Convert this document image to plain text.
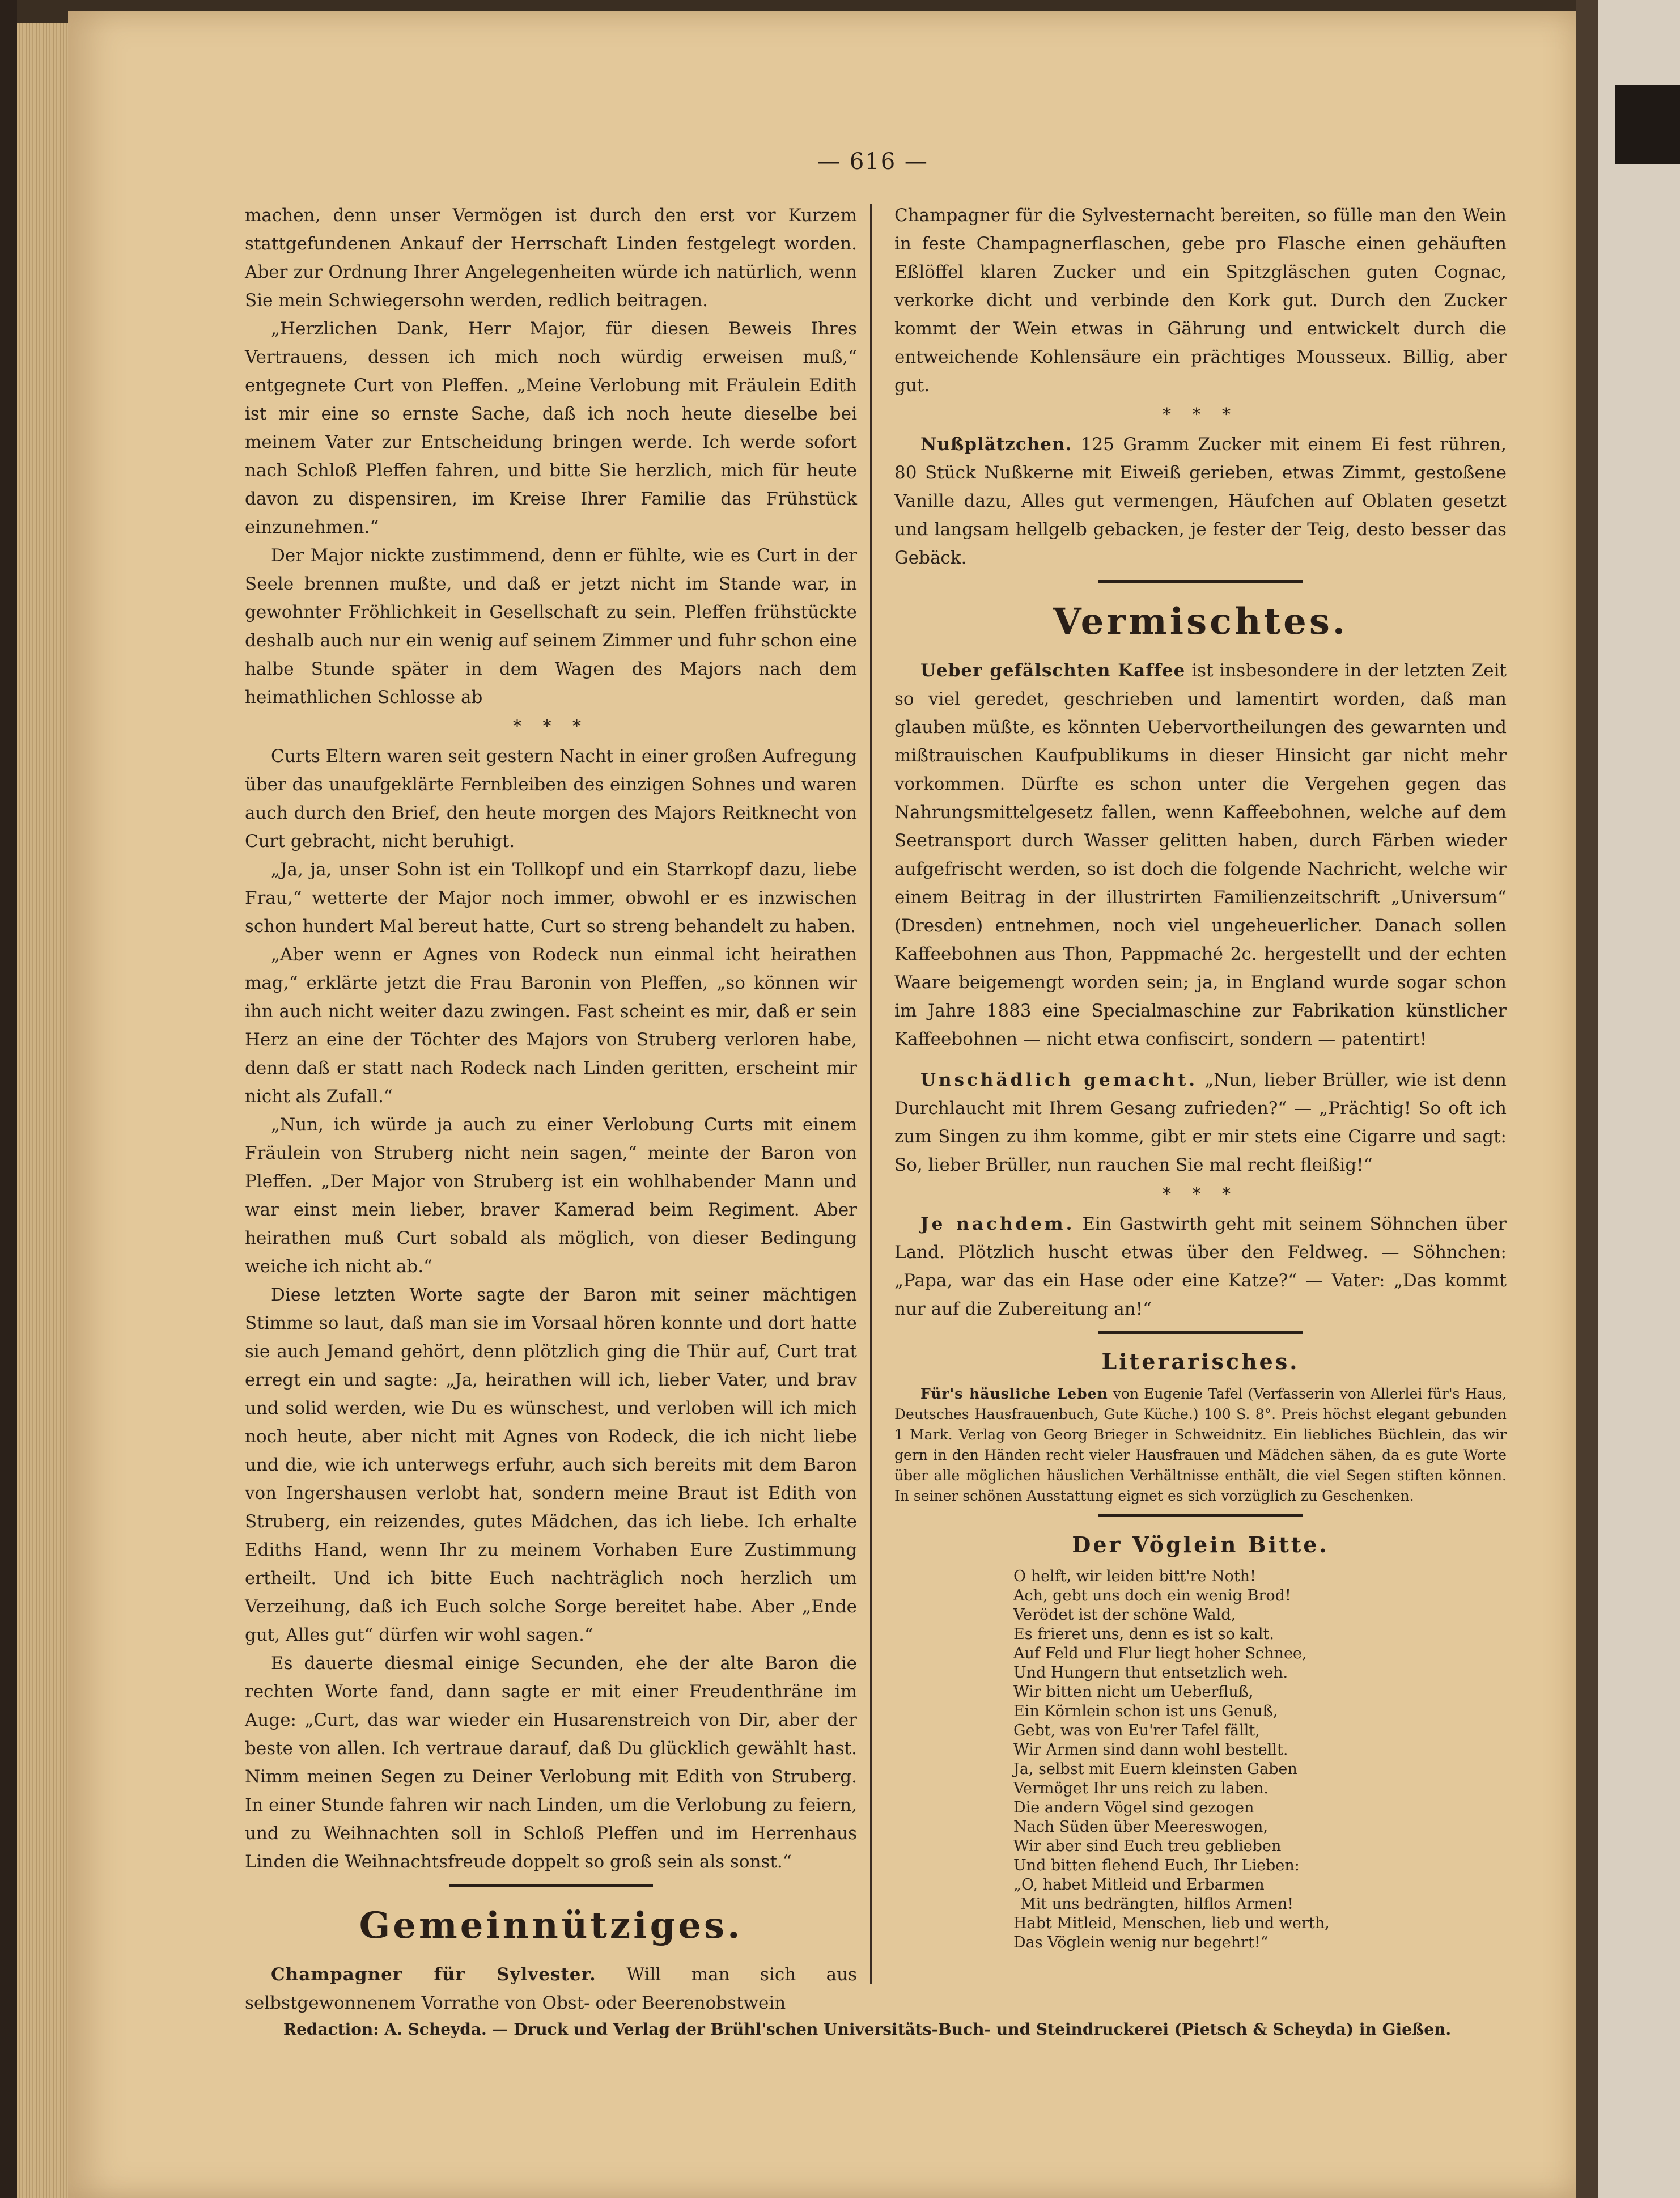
— 616 —

machen, denn unser Vermögen ist durch den erst vor Kurzem stattgefundenen Ankauf der Herrschaft Linden festgelegt worden. Aber zur Ordnung Ihrer Angelegenheiten würde ich natürlich, wenn Sie mein Schwiegersohn werden, redlich beitragen.

„Herzlichen Dank, Herr Major, für diesen Beweis Ihres Vertrauens, dessen ich mich noch würdig erweisen muß,“ entgegnete Curt von Pleffen. „Meine Verlobung mit Fräulein Edith ist mir eine so ernste Sache, daß ich noch heute dieselbe bei meinem Vater zur Entscheidung bringen werde. Ich werde sofort nach Schloß Pleffen fahren, und bitte Sie herzlich, mich für heute davon zu dispensiren, im Kreise Ihrer Familie das Frühstück einzunehmen.“

Der Major nickte zustimmend, denn er fühlte, wie es Curt in der Seele brennen mußte, und daß er jetzt nicht im Stande war, in gewohnter Fröhlichkeit in Gesellschaft zu sein. Pleffen frühstückte deshalb auch nur ein wenig auf seinem Zimmer und fuhr schon eine halbe Stunde später in dem Wagen des Majors nach dem heimathlichen Schlosse ab

* * *

Curts Eltern waren seit gestern Nacht in einer großen Aufregung über das unaufgeklärte Fernbleiben des einzigen Sohnes und waren auch durch den Brief, den heute morgen des Majors Reitknecht von Curt gebracht, nicht beruhigt.

„Ja, ja, unser Sohn ist ein Tollkopf und ein Starrkopf dazu, liebe Frau,“ wetterte der Major noch immer, obwohl er es inzwischen schon hundert Mal bereut hatte, Curt so streng behandelt zu haben.

„Aber wenn er Agnes von Rodeck nun einmal icht heirathen mag,“ erklärte jetzt die Frau Baronin von Pleffen, „so können wir ihn auch nicht weiter dazu zwingen. Fast scheint es mir, daß er sein Herz an eine der Töchter des Majors von Struberg verloren habe, denn daß er statt nach Rodeck nach Linden geritten, erscheint mir nicht als Zufall.“

„Nun, ich würde ja auch zu einer Verlobung Curts mit einem Fräulein von Struberg nicht nein sagen,“ meinte der Baron von Pleffen. „Der Major von Struberg ist ein wohlhabender Mann und war einst mein lieber, braver Kamerad beim Regiment. Aber heirathen muß Curt sobald als möglich, von dieser Bedingung weiche ich nicht ab.“

Diese letzten Worte sagte der Baron mit seiner mächtigen Stimme so laut, daß man sie im Vorsaal hören konnte und dort hatte sie auch Jemand gehört, denn plötzlich ging die Thür auf, Curt trat erregt ein und sagte: „Ja, heirathen will ich, lieber Vater, und brav und solid werden, wie Du es wünschest, und verloben will ich mich noch heute, aber nicht mit Agnes von Rodeck, die ich nicht liebe und die, wie ich unterwegs erfuhr, auch sich bereits mit dem Baron von Ingershausen verlobt hat, sondern meine Braut ist Edith von Struberg, ein reizendes, gutes Mädchen, das ich liebe. Ich erhalte Ediths Hand, wenn Ihr zu meinem Vorhaben Eure Zustimmung ertheilt. Und ich bitte Euch nachträglich noch herzlich um Verzeihung, daß ich Euch solche Sorge bereitet habe. Aber „Ende gut, Alles gut“ dürfen wir wohl sagen.“

Es dauerte diesmal einige Secunden, ehe der alte Baron die rechten Worte fand, dann sagte er mit einer Freudenthräne im Auge: „Curt, das war wieder ein Husarenstreich von Dir, aber der beste von allen. Ich vertraue darauf, daß Du glücklich gewählt hast. Nimm meinen Segen zu Deiner Verlobung mit Edith von Struberg. In einer Stunde fahren wir nach Linden, um die Verlobung zu feiern, und zu Weihnachten soll in Schloß Pleffen und im Herrenhaus Linden die Weihnachtsfreude doppelt so groß sein als sonst.“

Gemeinnütziges.

Champagner für Sylvester. Will man sich aus selbstgewonnenem Vorrathe von Obst- oder Beerenobstwein

Champagner für die Sylvesternacht bereiten, so fülle man den Wein in feste Champagnerflaschen, gebe pro Flasche einen gehäuften Eßlöffel klaren Zucker und ein Spitzgläschen guten Cognac, verkorke dicht und verbinde den Kork gut. Durch den Zucker kommt der Wein etwas in Gährung und entwickelt durch die entweichende Kohlensäure ein prächtiges Mousseux. Billig, aber gut.

* * *

Nußplätzchen. 125 Gramm Zucker mit einem Ei fest rühren, 80 Stück Nußkerne mit Eiweiß gerieben, etwas Zimmt, gestoßene Vanille dazu, Alles gut vermengen, Häufchen auf Oblaten gesetzt und langsam hellgelb gebacken, je fester der Teig, desto besser das Gebäck.

Vermischtes.

Ueber gefälschten Kaffee ist insbesondere in der letzten Zeit so viel geredet, geschrieben und lamentirt worden, daß man glauben müßte, es könnten Uebervortheilungen des gewarnten und mißtrauischen Kaufpublikums in dieser Hinsicht gar nicht mehr vorkommen. Dürfte es schon unter die Vergehen gegen das Nahrungsmittelgesetz fallen, wenn Kaffeebohnen, welche auf dem Seetransport durch Wasser gelitten haben, durch Färben wieder aufgefrischt werden, so ist doch die folgende Nachricht, welche wir einem Beitrag in der illustrirten Familienzeitschrift „Universum“ (Dresden) entnehmen, noch viel ungeheuerlicher. Danach sollen Kaffeebohnen aus Thon, Pappmaché 2c. hergestellt und der echten Waare beigemengt worden sein; ja, in England wurde sogar schon im Jahre 1883 eine Specialmaschine zur Fabrikation künstlicher Kaffeebohnen — nicht etwa confiscirt, sondern — patentirt!

Unschädlich gemacht. „Nun, lieber Brüller, wie ist denn Durchlaucht mit Ihrem Gesang zufrieden?“ — „Prächtig! So oft ich zum Singen zu ihm komme, gibt er mir stets eine Cigarre und sagt: So, lieber Brüller, nun rauchen Sie mal recht fleißig!“

* * *

Je nachdem. Ein Gastwirth geht mit seinem Söhnchen über Land. Plötzlich huscht etwas über den Feldweg. — Söhnchen: „Papa, war das ein Hase oder eine Katze?“ — Vater: „Das kommt nur auf die Zubereitung an!“

Literarisches.

Für's häusliche Leben von Eugenie Tafel (Verfasserin von Allerlei für's Haus, Deutsches Hausfrauenbuch, Gute Küche.) 100 S. 8°. Preis höchst elegant gebunden 1 Mark. Verlag von Georg Brieger in Schweidnitz. Ein liebliches Büchlein, das wir gern in den Händen recht vieler Hausfrauen und Mädchen sähen, da es gute Worte über alle möglichen häuslichen Verhältnisse enthält, die viel Segen stiften können. In seiner schönen Ausstattung eignet es sich vorzüglich zu Geschenken.

Der Vöglein Bitte.
O helft, wir leiden bitt're Noth!
Ach, gebt uns doch ein wenig Brod!
Verödet ist der schöne Wald,
Es frieret uns, denn es ist so kalt.
Auf Feld und Flur liegt hoher Schnee,
Und Hungern thut entsetzlich weh.
Wir bitten nicht um Ueberfluß,
Ein Körnlein schon ist uns Genuß,
Gebt, was von Eu'rer Tafel fällt,
Wir Armen sind dann wohl bestellt.
Ja, selbst mit Euern kleinsten Gaben
Vermöget Ihr uns reich zu laben.
Die andern Vögel sind gezogen
Nach Süden über Meereswogen,
Wir aber sind Euch treu geblieben
Und bitten flehend Euch, Ihr Lieben:
„O, habet Mitleid und Erbarmen
Mit uns bedrängten, hilflos Armen!
Habt Mitleid, Menschen, lieb und werth,
Das Vöglein wenig nur begehrt!“
Redaction: A. Scheyda. — Druck und Verlag der Brühl'schen Universitäts-Buch- und Steindruckerei (Pietsch & Scheyda) in Gießen.
